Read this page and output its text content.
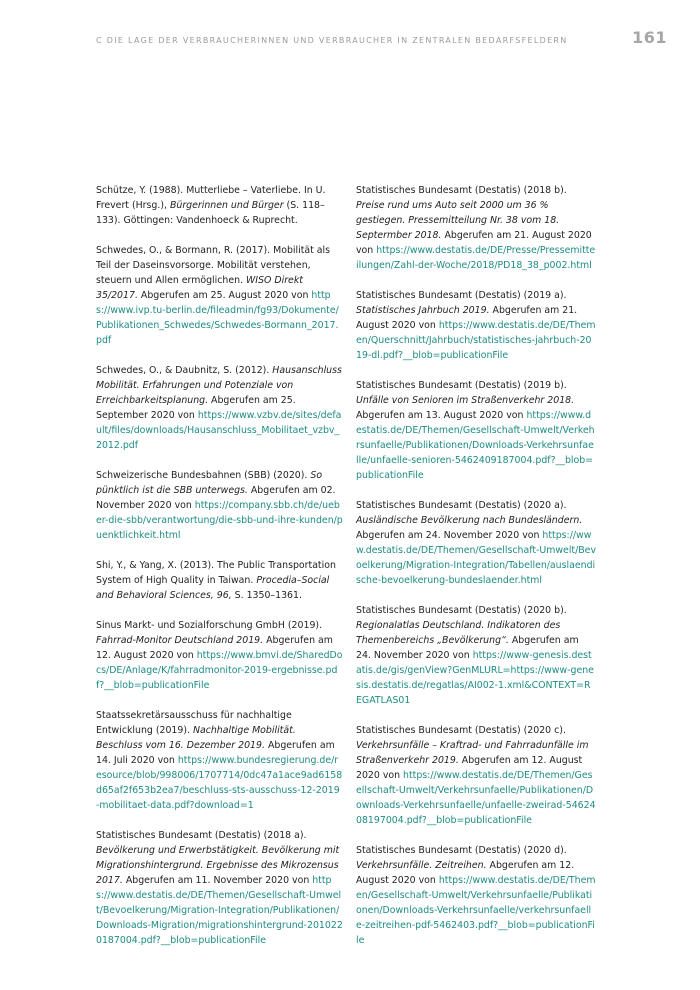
C DIE LAGE DER VERBRAUCHERINNEN UND VERBRAUCHER IN ZENTRALEN BEDARFSFELDERN	161

Schütze, Y. (1988). Mutterliebe – Vaterliebe. In U. Frevert (Hrsg.), Bürgerinnen und Bürger (S. 118–133). Göttingen: Vandenhoeck & Ruprecht.

Schwedes, O., & Bormann, R. (2017). Mobilität als Teil der Daseinsvorsorge. Mobilität verstehen, steuern und Allen ermöglichen. WISO Direkt 35/2017. Abgerufen am 25. August 2020 von https://www.ivp.tu-berlin.de/fileadmin/fg93/Dokumente/Publikationen_Schwedes/Schwedes-Bormann_2017.pdf

Schwedes, O., & Daubnitz, S. (2012). Hausanschluss Mobilität. Erfahrungen und Potenziale von Erreichbarkeitsplanung. Abgerufen am 25. September 2020 von https://www.vzbv.de/sites/default/files/downloads/Hausanschluss_Mobilitaet_vzbv_2012.pdf

Schweizerische Bundesbahnen (SBB) (2020). So pünktlich ist die SBB unterwegs. Abgerufen am 02. November 2020 von https://company.sbb.ch/de/ueber-die-sbb/verantwortung/die-sbb-und-ihre-kunden/puenktlichkeit.html

Shi, Y., & Yang, X. (2013). The Public Transportation System of High Quality in Taiwan. Procedia–Social and Behavioral Sciences, 96, S. 1350–1361.

Sinus Markt- und Sozialforschung GmbH (2019). Fahrrad-Monitor Deutschland 2019. Abgerufen am 12. August 2020 von https://www.bmvi.de/SharedDocs/DE/Anlage/K/fahrradmonitor-2019-ergebnisse.pdf?__blob=publicationFile

Staatssekretärsausschuss für nachhaltige Entwicklung (2019). Nachhaltige Mobilität. Beschluss vom 16. Dezember 2019. Abgerufen am 14. Juli 2020 von https://www.bundesregierung.de/resource/blob/998006/1707714/0dc47a1ace9ad6158d65af2f653b2ea7/beschluss-sts-ausschuss-12-2019-mobilitaet-data.pdf?download=1

Statistisches Bundesamt (Destatis) (2018 a). Bevölkerung und Erwerbstätigkeit. Bevölkerung mit Migrationshintergrund. Ergebnisse des Mikrozensus 2017. Abgerufen am 11. November 2020 von https://www.destatis.de/DE/Themen/Gesellschaft-Umwelt/Bevoelkerung/Migration-Integration/Publikationen/Downloads-Migration/migrationshintergrund-2010220187004.pdf?__blob=publicationFile

Statistisches Bundesamt (Destatis) (2018 b). Preise rund ums Auto seit 2000 um 36 % gestiegen. Pressemitteilung Nr. 38 vom 18. Septermber 2018. Abgerufen am 21. August 2020 von https://www.destatis.de/DE/Presse/Pressemitteilungen/Zahl-der-Woche/2018/PD18_38_p002.html

Statistisches Bundesamt (Destatis) (2019 a). Statistisches Jahrbuch 2019. Abgerufen am 21. August 2020 von https://www.destatis.de/DE/Themen/Querschnitt/Jahrbuch/statistisches-jahrbuch-2019-dl.pdf?__blob=publicationFile

Statistisches Bundesamt (Destatis) (2019 b). Unfälle von Senioren im Straßenverkehr 2018. Abgerufen am 13. August 2020 von https://www.destatis.de/DE/Themen/Gesellschaft-Umwelt/Verkehrsunfaelle/Publikationen/Downloads-Verkehrsunfaelle/unfaelle-senioren-5462409187004.pdf?__blob=publicationFile

Statistisches Bundesamt (Destatis) (2020 a). Ausländische Bevölkerung nach Bundesländern. Abgerufen am 24. November 2020 von https://www.destatis.de/DE/Themen/Gesellschaft-Umwelt/Bevoelkerung/Migration-Integration/Tabellen/auslaendische-bevoelkerung-bundeslaender.html

Statistisches Bundesamt (Destatis) (2020 b). Regionalatlas Deutschland. Indikatoren des Themenbereichs „Bevölkerung“. Abgerufen am 24. November 2020 von https://www-genesis.destatis.de/gis/genView?GenMLURL=https://www-genesis.destatis.de/regatlas/AI002-1.xml&CONTEXT=REGATLAS01

Statistisches Bundesamt (Destatis) (2020 c). Verkehrsunfälle – Kraftrad- und Fahrradunfälle im Straßenverkehr 2019. Abgerufen am 12. August 2020 von https://www.destatis.de/DE/Themen/Gesellschaft-Umwelt/Verkehrsunfaelle/Publikationen/Downloads-Verkehrsunfaelle/unfaelle-zweirad-5462408197004.pdf?__blob=publicationFile

Statistisches Bundesamt (Destatis) (2020 d). Verkehrsunfälle. Zeitreihen. Abgerufen am 12. August 2020 von https://www.destatis.de/DE/Themen/Gesellschaft-Umwelt/Verkehrsunfaelle/Publikationen/Downloads-Verkehrsunfaelle/verkehrsunfaelle-zeitreihen-pdf-5462403.pdf?__blob=publicationFile
